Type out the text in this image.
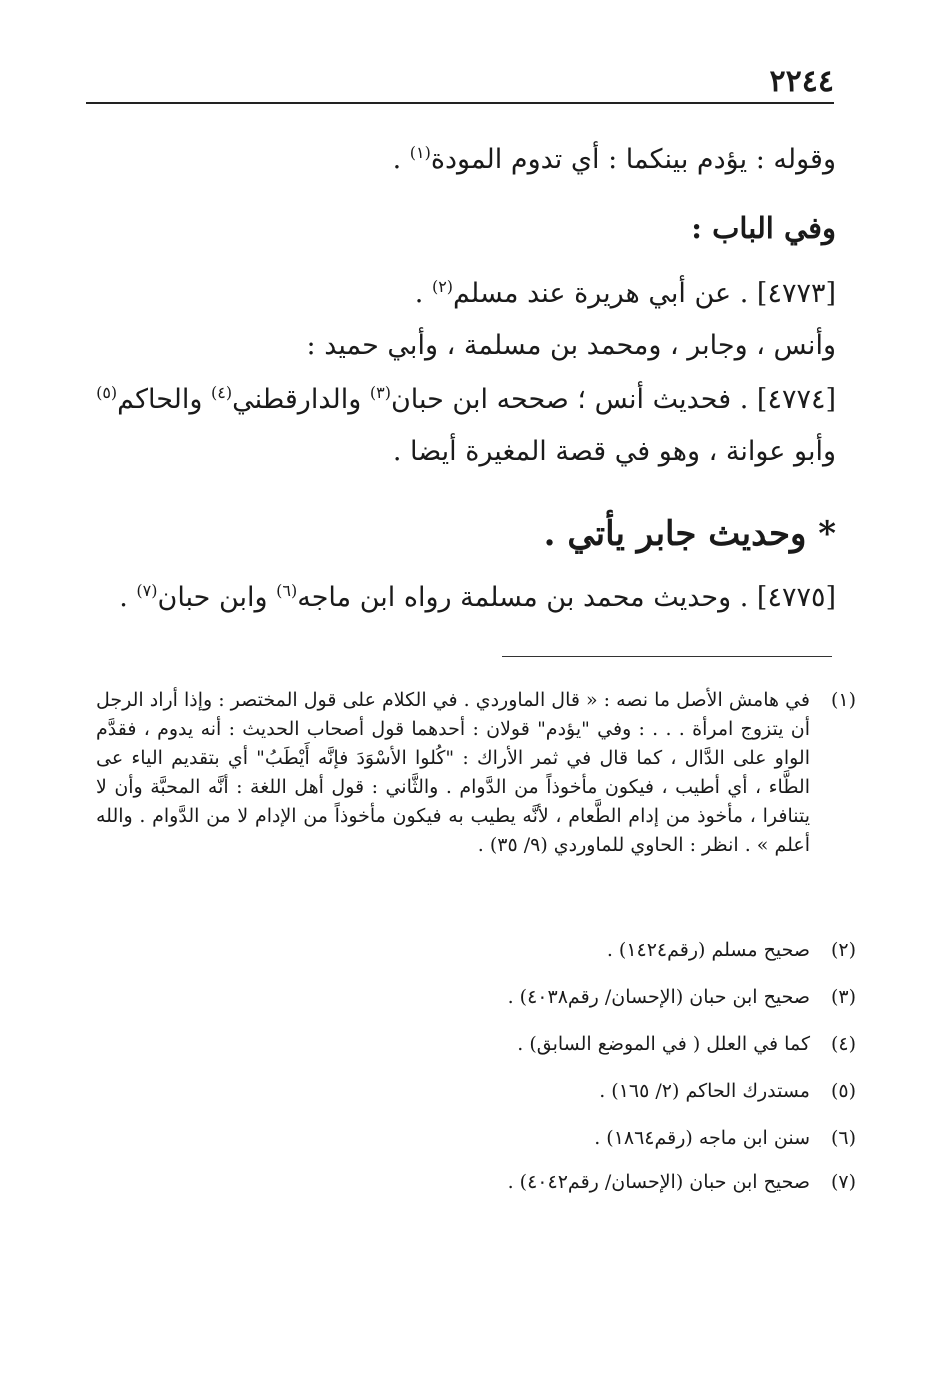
٢٢٤٤
وقوله : يؤدم بينكما : أي تدوم المودة$^{(١)}$ .
وفي الباب :
[٤٧٧٣] . عن أبي هريرة عند مسلم$^{(٢)}$ .
وأنس ، وجابر ، ومحمد بن مسلمة ، وأبي حميد :
[٤٧٧٤] . فحديث أنس ؛ صححه ابن حبان$^{(٣)}$ والدارقطني$^{(٤)}$ والحاكم$^{(٥)}$
وأبو عوانة ، وهو في قصة المغيرة أيضا .
* وحديث جابر يأتي .
[٤٧٧٥] . وحديث محمد بن مسلمة رواه ابن ماجه$^{(٦)}$ وابن حبان$^{(٧)}$ .
(١)
في هامش الأصل ما نصه : « قال الماوردي . في الكلام على قول المختصر : وإذا أراد الرجل أن يتزوج امرأة . . . : وفي "يؤدم" قولان : أحدهما قول أصحاب الحديث : أنه يدوم ، فقدَّم الواو على الدَّال ، كما قال في ثمر الأراك : "كُلوا الأسْوَدَ فإنَّه أَيْطَبُ" أي بتقديم الياء عى الطَّاء ، أي أطيب ، فيكون مأخوذاً من الدَّوام . والثَّاني : قول أهل اللغة : أنَّه المحبَّة وأن لا يتنافرا ، مأخوذ من إدام الطَّعام ، لأنَّه يطيب به فيكون مأخوذاً من الإدام لا من الدَّوام . والله أعلم » . انظر : الحاوي للماوردي (٩/ ٣٥) .
(٢)
صحيح مسلم (رقم١٤٢٤) .
(٣)
صحيح ابن حبان (الإحسان/ رقم٤٠٣٨) .
(٤)
كما في العلل ( في الموضع السابق) .
(٥)
مستدرك الحاكم (٢/ ١٦٥) .
(٦)
سنن ابن ماجه (رقم١٨٦٤) .
(٧)
صحيح ابن حبان (الإحسان/ رقم٤٠٤٢) .
